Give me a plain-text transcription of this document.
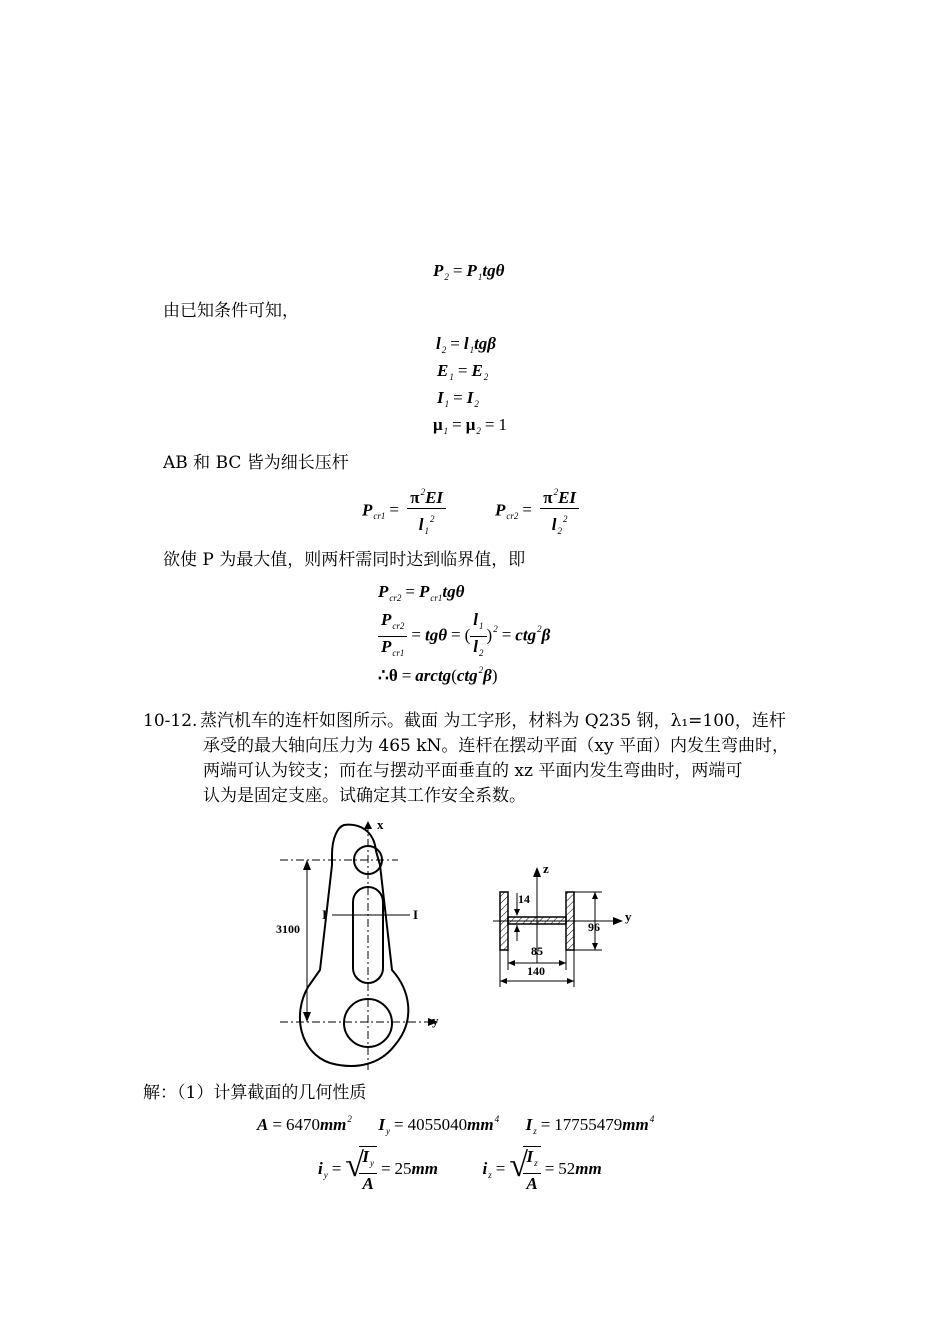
$P_2 = P_1tg\theta$
由已知条件可知，
$l_2 = l_1tg\beta$
$E_1 = E_2$
$I_1 = I_2$
$\mu_1 = \mu_2 = 1$
AB 和 BC 皆为细长压杆
$P_{cr1} = \frac{\pi^2EI}{l_1^2}$	$P_{cr2} = \frac{\pi^2EI}{l_2^2}$
欲使 P 为最大值，则两杆需同时达到临界值，即
$P_{cr2} = P_{cr1}tg\theta$
$\frac{P_{cr2}}{P_{cr1}} = tg\theta$ = ( $\frac{l_1}{l_2} )^2 = ctg^2\beta$
∴θ = arctg(ctg$^2$β)
10-12. 蒸汽机车的连杆如图所示。截面 为工字形，材料为 Q235 钢，λ₁=100，连杆
承受的最大轴向压力为 465 kN。连杆在摆动平面（xy 平面）内发生弯曲时，
两端可认为铰支；而在与摆动平面垂直的 xz 平面内发生弯曲时，两端可
认为是固定支座。试确定其工作安全系数。
x
y
I	I
3100
z
y
14
85
140
96
解：（1）计算截面的几何性质
$A = 6470mm^2$ $I_y = 4055040mm^4$ $I_z = 17755479mm^4$
$i_y$ = √
$\frac{I_y}{A} = 25mm$	$i_z$ = √
$\frac{I_z}{A} = 52mm$
